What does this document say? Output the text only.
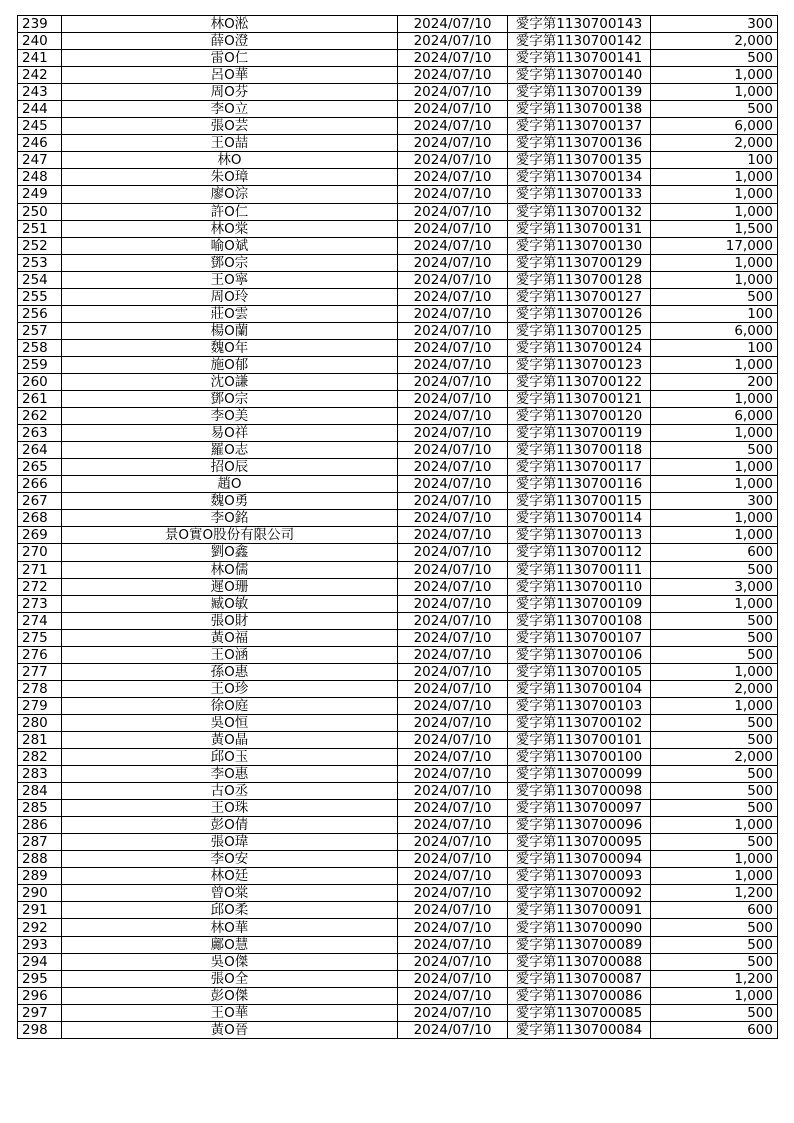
239	林O淞	2024/07/10	愛字第1130700143	300
240	薛O澄	2024/07/10	愛字第1130700142	2,000
241	雷O仁	2024/07/10	愛字第1130700141	500
242	呂O華	2024/07/10	愛字第1130700140	1,000
243	周O芬	2024/07/10	愛字第1130700139	1,000
244	李O立	2024/07/10	愛字第1130700138	500
245	張O芸	2024/07/10	愛字第1130700137	6,000
246	王O喆	2024/07/10	愛字第1130700136	2,000
247	林O	2024/07/10	愛字第1130700135	100
248	朱O璋	2024/07/10	愛字第1130700134	1,000
249	廖O淙	2024/07/10	愛字第1130700133	1,000
250	許O仁	2024/07/10	愛字第1130700132	1,000
251	林O棠	2024/07/10	愛字第1130700131	1,500
252	喻O斌	2024/07/10	愛字第1130700130	17,000
253	鄧O宗	2024/07/10	愛字第1130700129	1,000
254	王O寧	2024/07/10	愛字第1130700128	1,000
255	周O玲	2024/07/10	愛字第1130700127	500
256	莊O雲	2024/07/10	愛字第1130700126	100
257	楊O蘭	2024/07/10	愛字第1130700125	6,000
258	魏O年	2024/07/10	愛字第1130700124	100
259	施O郁	2024/07/10	愛字第1130700123	1,000
260	沈O謙	2024/07/10	愛字第1130700122	200
261	鄧O宗	2024/07/10	愛字第1130700121	1,000
262	李O美	2024/07/10	愛字第1130700120	6,000
263	易O祥	2024/07/10	愛字第1130700119	1,000
264	羅O志	2024/07/10	愛字第1130700118	500
265	招O辰	2024/07/10	愛字第1130700117	1,000
266	趙O	2024/07/10	愛字第1130700116	1,000
267	魏O勇	2024/07/10	愛字第1130700115	300
268	李O銘	2024/07/10	愛字第1130700114	1,000
269	景O實O股份有限公司	2024/07/10	愛字第1130700113	1,000
270	劉O鑫	2024/07/10	愛字第1130700112	600
271	林O儒	2024/07/10	愛字第1130700111	500
272	遲O珊	2024/07/10	愛字第1130700110	3,000
273	臧O敏	2024/07/10	愛字第1130700109	1,000
274	張O財	2024/07/10	愛字第1130700108	500
275	黃O福	2024/07/10	愛字第1130700107	500
276	王O涵	2024/07/10	愛字第1130700106	500
277	孫O惠	2024/07/10	愛字第1130700105	1,000
278	王O珍	2024/07/10	愛字第1130700104	2,000
279	徐O庭	2024/07/10	愛字第1130700103	1,000
280	吳O恒	2024/07/10	愛字第1130700102	500
281	黃O晶	2024/07/10	愛字第1130700101	500
282	邱O玉	2024/07/10	愛字第1130700100	2,000
283	李O惠	2024/07/10	愛字第1130700099	500
284	古O丞	2024/07/10	愛字第1130700098	500
285	王O珠	2024/07/10	愛字第1130700097	500
286	彭O倩	2024/07/10	愛字第1130700096	1,000
287	張O瑋	2024/07/10	愛字第1130700095	500
288	李O安	2024/07/10	愛字第1130700094	1,000
289	林O廷	2024/07/10	愛字第1130700093	1,000
290	曾O棠	2024/07/10	愛字第1130700092	1,200
291	邱O柔	2024/07/10	愛字第1130700091	600
292	林O華	2024/07/10	愛字第1130700090	500
293	鄺O慧	2024/07/10	愛字第1130700089	500
294	吳O傑	2024/07/10	愛字第1130700088	500
295	張O全	2024/07/10	愛字第1130700087	1,200
296	彭O傑	2024/07/10	愛字第1130700086	1,000
297	王O華	2024/07/10	愛字第1130700085	500
298	黃O晉	2024/07/10	愛字第1130700084	600
